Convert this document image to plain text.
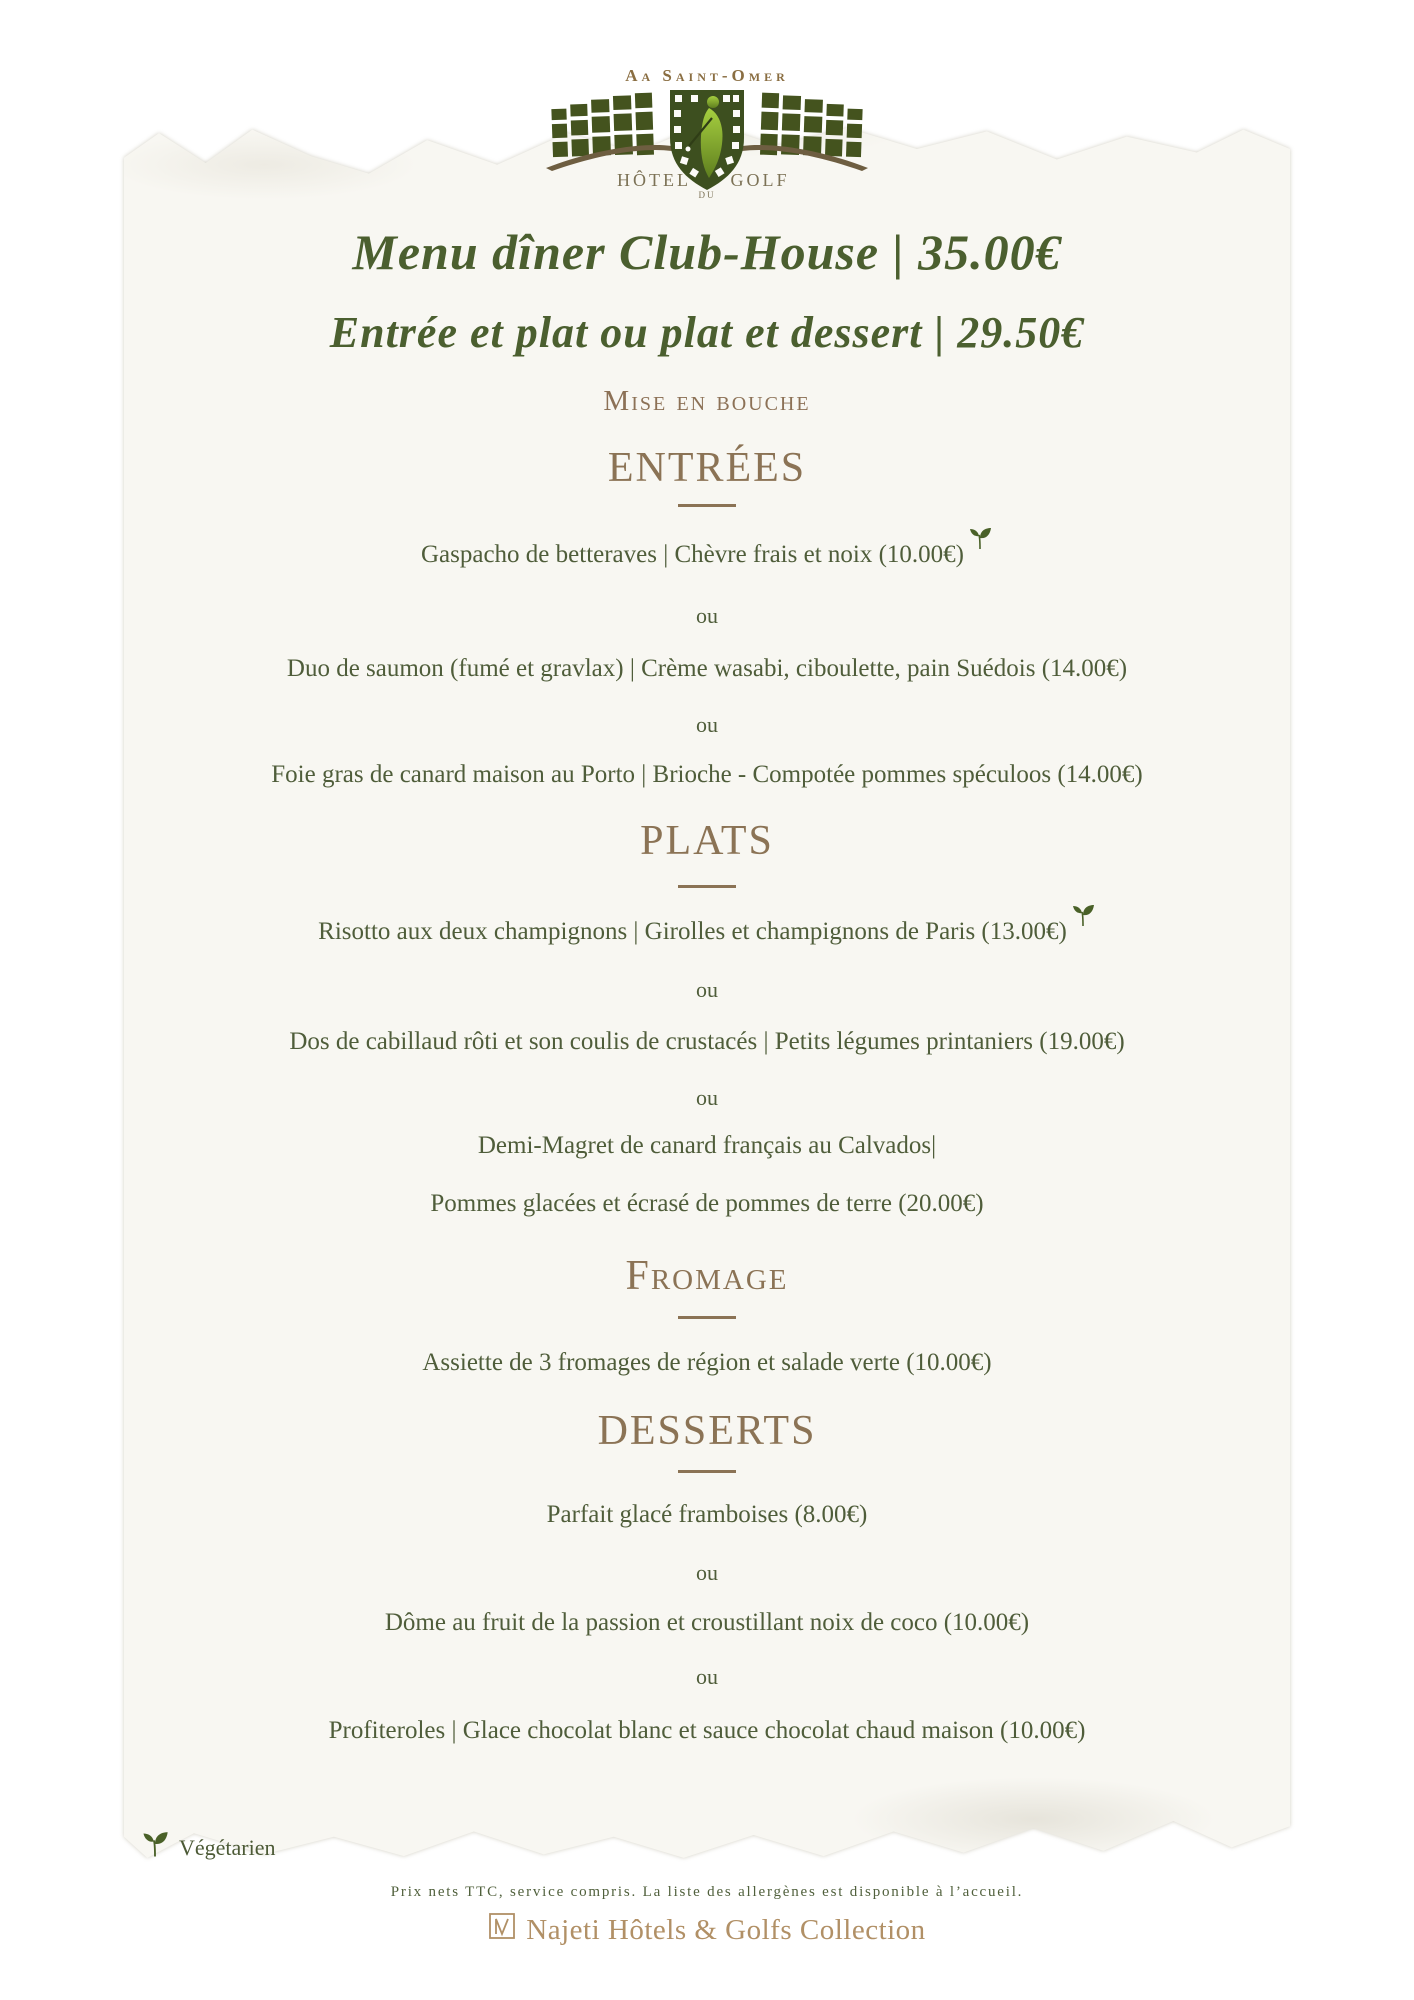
Aa Saint-Omer
HÔTEL GOLF
DU
Menu dîner Club-House | 35.00€
Entrée et plat ou plat et dessert | 29.50€
Mise en bouche
ENTRÉES
Gaspacho de betteraves | Chèvre frais et noix (10.00€)
ou
Duo de saumon (fumé et gravlax) | Crème wasabi, ciboulette, pain Suédois (14.00€)
ou
Foie gras de canard maison au Porto | Brioche - Compotée pommes spéculoos (14.00€)
PLATS
Risotto aux deux champignons | Girolles et champignons de Paris (13.00€)
ou
Dos de cabillaud rôti et son coulis de crustacés | Petits légumes printaniers (19.00€)
ou
Demi-Magret de canard français au Calvados|
Pommes glacées et écrasé de pommes de terre (20.00€)
Fromage
Assiette de 3 fromages de région et salade verte (10.00€)
DESSERTS
Parfait glacé framboises (8.00€)
ou
Dôme au fruit de la passion et croustillant noix de coco (10.00€)
ou
Profiteroles | Glace chocolat blanc et sauce chocolat chaud maison (10.00€)
Végétarien
Prix nets TTC, service compris. La liste des allergènes est disponible à l’accueil.
Najeti Hôtels & Golfs Collection
